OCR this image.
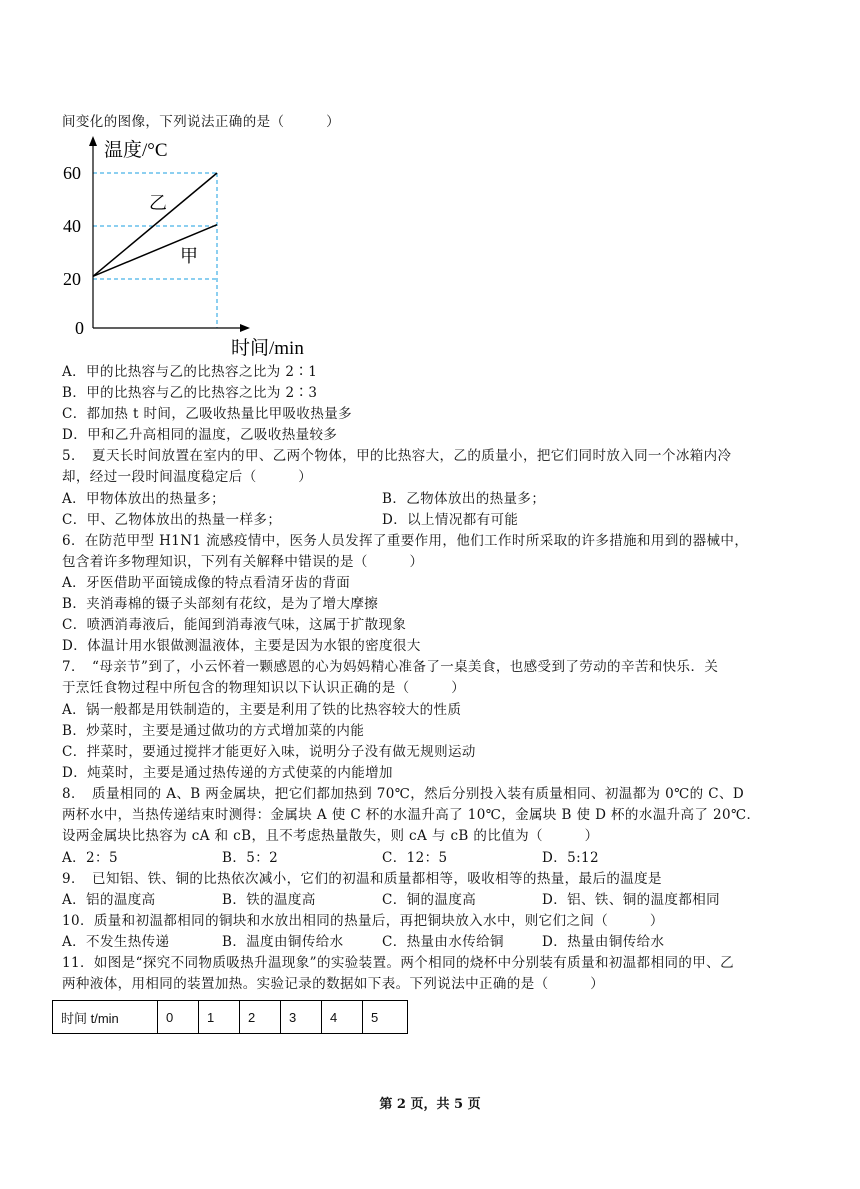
间变化的图像，下列说法正确的是（　　　）
温度/°C
时间/min
60
40
20
0
乙
甲
A．甲的比热容与乙的比热容之比为 2∶1
B．甲的比热容与乙的比热容之比为 2∶3
C．都加热 t 时间，乙吸收热量比甲吸收热量多
D．甲和乙升高相同的温度，乙吸收热量较多
5．　夏天长时间放置在室内的甲、乙两个物体，甲的比热容大，乙的质量小，把它们同时放入同一个冰箱内冷
却，经过一段时间温度稳定后（　　　）
A．甲物体放出的热量多；	B．乙物体放出的热量多；
C．甲、乙物体放出的热量一样多；	D．以上情况都有可能
6．在防范甲型 H1N1 流感疫情中，医务人员发挥了重要作用，他们工作时所采取的许多措施和用到的器械中，
包含着许多物理知识，下列有关解释中错误的是（　　　）
A．牙医借助平面镜成像的特点看清牙齿的背面
B．夹消毒棉的镊子头部刻有花纹，是为了增大摩擦
C．喷洒消毒液后，能闻到消毒液气味，这属于扩散现象
D．体温计用水银做测温液体，主要是因为水银的密度很大
7．　“母亲节”到了，小云怀着一颗感恩的心为妈妈精心准备了一桌美食，也感受到了劳动的辛苦和快乐．关
于烹饪食物过程中所包含的物理知识以下认识正确的是（　　　）
A．锅一般都是用铁制造的，主要是利用了铁的比热容较大的性质
B．炒菜时，主要是通过做功的方式增加菜的内能
C．拌菜时，要通过搅拌才能更好入味，说明分子没有做无规则运动
D．炖菜时，主要是通过热传递的方式使菜的内能增加
8．　质量相同的 A、B 两金属块，把它们都加热到 70℃，然后分别投入装有质量相同、初温都为 0℃的 C、D
两杯水中，当热传递结束时测得：金属块 A 使 C 杯的水温升高了 10℃，金属块 B 使 D 杯的水温升高了 20℃．
设两金属块比热容为 cA 和 cB，且不考虑热量散失，则 cA 与 cB 的比值为（　　　）
A．2：5	B．5：2	C．12：5	D．5:12
9．　已知铝、铁、铜的比热依次减小，它们的初温和质量都相等，吸收相等的热量，最后的温度是
A．铝的温度高	B．铁的温度高	C．铜的温度高	D．铝、铁、铜的温度都相同
10．质量和初温都相同的铜块和水放出相同的热量后，再把铜块放入水中，则它们之间（　　　）
A．不发生热传递	B．温度由铜传给水	C．热量由水传给铜	D．热量由铜传给水
11．如图是“探究不同物质吸热升温现象”的实验装置。两个相同的烧杯中分别装有质量和初温都相同的甲、乙
两种液体，用相同的装置加热。实验记录的数据如下表。下列说法中正确的是（　　　）
时间 t/min	0	1	2	3	4	5
第 2 页，共 5 页
